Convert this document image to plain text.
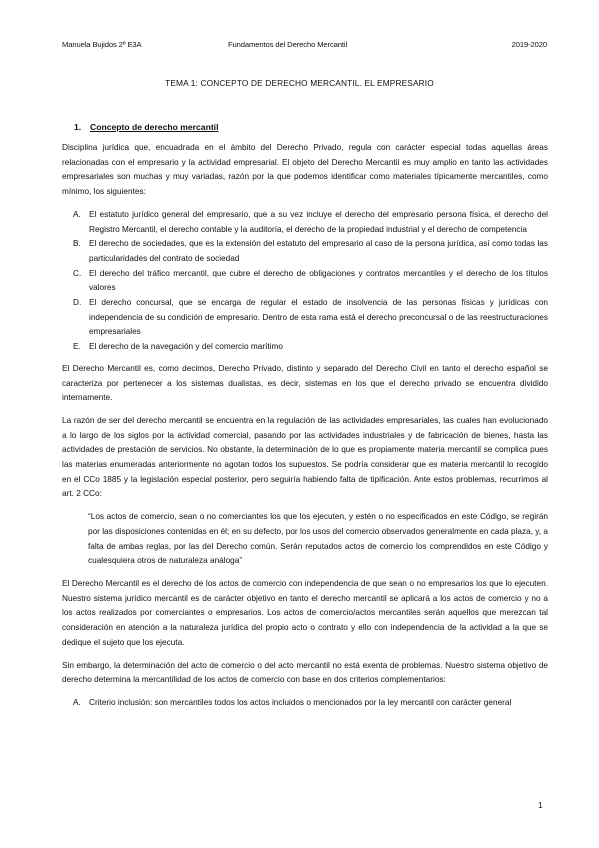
Manuela Bujidos 2º E3A	Fundamentos del Derecho Mercantil	2019-2020
TEMA 1: CONCEPTO DE DERECHO MERCANTIL. EL EMPRESARIO
1. Concepto de derecho mercantil

Disciplina jurídica que, encuadrada en el ámbito del Derecho Privado, regula con carácter especial todas aquellas áreas relacionadas con el empresario y la actividad empresarial. El objeto del Derecho Mercantil es muy amplio en tanto las actividades empresariales son muchas y muy variadas, razón por la que podemos identificar como materiales típicamente mercantiles, como mínimo, los siguientes:

A. El estatuto jurídico general del empresario, que a su vez incluye el derecho del empresario persona física, el derecho del Registro Mercantil, el derecho contable y la auditoría, el derecho de la propiedad industrial y el derecho de competencia
B. El derecho de sociedades, que es la extensión del estatuto del empresario al caso de la persona jurídica, así como todas las particularidades del contrato de sociedad
C. El derecho del tráfico mercantil, que cubre el derecho de obligaciones y contratos mercantiles y el derecho de los títulos valores
D. El derecho concursal, que se encarga de regular el estado de insolvencia de las personas físicas y jurídicas con independencia de su condición de empresario. Dentro de esta rama está el derecho preconcursal o de las reestructuraciones empresariales
E. El derecho de la navegación y del comercio marítimo

El Derecho Mercantil es, como decimos, Derecho Privado, distinto y separado del Derecho Civil en tanto el derecho español se caracteriza por pertenecer a los sistemas dualistas, es decir, sistemas en los que el derecho privado se encuentra dividido internamente.

La razón de ser del derecho mercantil se encuentra en la regulación de las actividades empresariales, las cuales han evolucionado a lo largo de los siglos por la actividad comercial, pasando por las actividades industriales y de fabricación de bienes, hasta las actividades de prestación de servicios. No obstante, la determinación de lo que es propiamente materia mercantil se complica pues las materias enumeradas anteriormente no agotan todos los supuestos. Se podría considerar que es materia mercantil lo recogido en el CCo 1885 y la legislación especial posterior, pero seguiría habiendo falta de tipificación. Ante estos problemas, recurrimos al art. 2 CCo:

“Los actos de comercio, sean o no comerciantes los que los ejecuten, y estén o no especificados en este Código, se regirán por las disposiciones contenidas en él; en su defecto, por los usos del comercio observados generalmente en cada plaza, y, a falta de ambas reglas, por las del Derecho común. Serán reputados actos de comercio los comprendidos en este Código y cualesquiera otros de naturaleza análoga”

El Derecho Mercantil es el derecho de los actos de comercio con independencia de que sean o no empresarios los que lo ejecuten. Nuestro sistema jurídico mercantil es de carácter objetivo en tanto el derecho mercantil se aplicará a los actos de comercio y no a los actos realizados por comerciantes o empresarios. Los actos de comercio/actos mercantiles serán aquellos que merezcan tal consideración en atención a la naturaleza jurídica del propio acto o contrato y ello con independencia de la actividad a la que se dedique el sujeto que los ejecuta.

Sin embargo, la determinación del acto de comercio o del acto mercantil no está exenta de problemas. Nuestro sistema objetivo de derecho determina la mercantilidad de los actos de comercio con base en dos criterios complementarios:

A. Criterio inclusión: son mercantiles todos los actos incluidos o mencionados por la ley mercantil con carácter general
1
